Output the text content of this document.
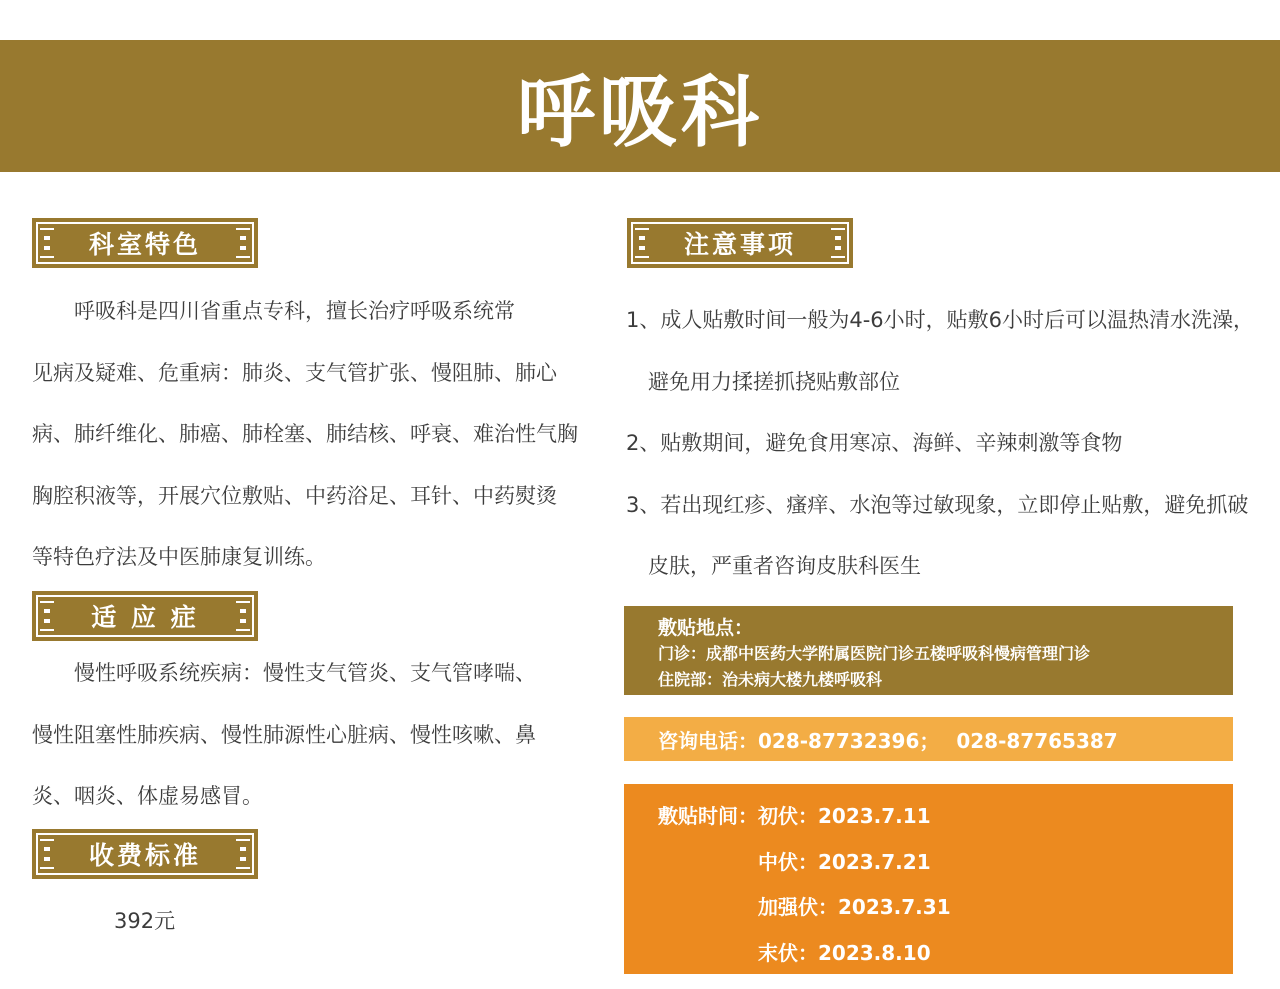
呼吸科
科室特色
　　呼吸科是四川省重点专科，擅长治疗呼吸系统常
见病及疑难、危重病：肺炎、支气管扩张、慢阻肺、肺心
病、肺纤维化、肺癌、肺栓塞、肺结核、呼衰、难治性气胸
胸腔积液等，开展穴位敷贴、中药浴足、耳针、中药熨烫
等特色疗法及中医肺康复训练。
适 应 症
　　慢性呼吸系统疾病：慢性支气管炎、支气管哮喘、
慢性阻塞性肺疾病、慢性肺源性心脏病、慢性咳嗽、鼻
炎、咽炎、体虚易感冒。
收费标准
392元
注意事项
1、成人贴敷时间一般为4-6小时，贴敷6小时后可以温热清水洗澡，避免用力揉搓抓挠贴敷部位
2、贴敷期间，避免食用寒凉、海鲜、辛辣刺激等食物
3、若出现红疹、瘙痒、水泡等过敏现象，立即停止贴敷，避免抓破皮肤，严重者咨询皮肤科医生
敷贴地点：
门诊：成都中医药大学附属医院门诊五楼呼吸科慢病管理门诊
住院部：治未病大楼九楼呼吸科
咨询电话：028-87732396；　 028-87765387
敷贴时间：初伏：2023.7.11
中伏：2023.7.21
加强伏：2023.7.31
末伏：2023.8.10
